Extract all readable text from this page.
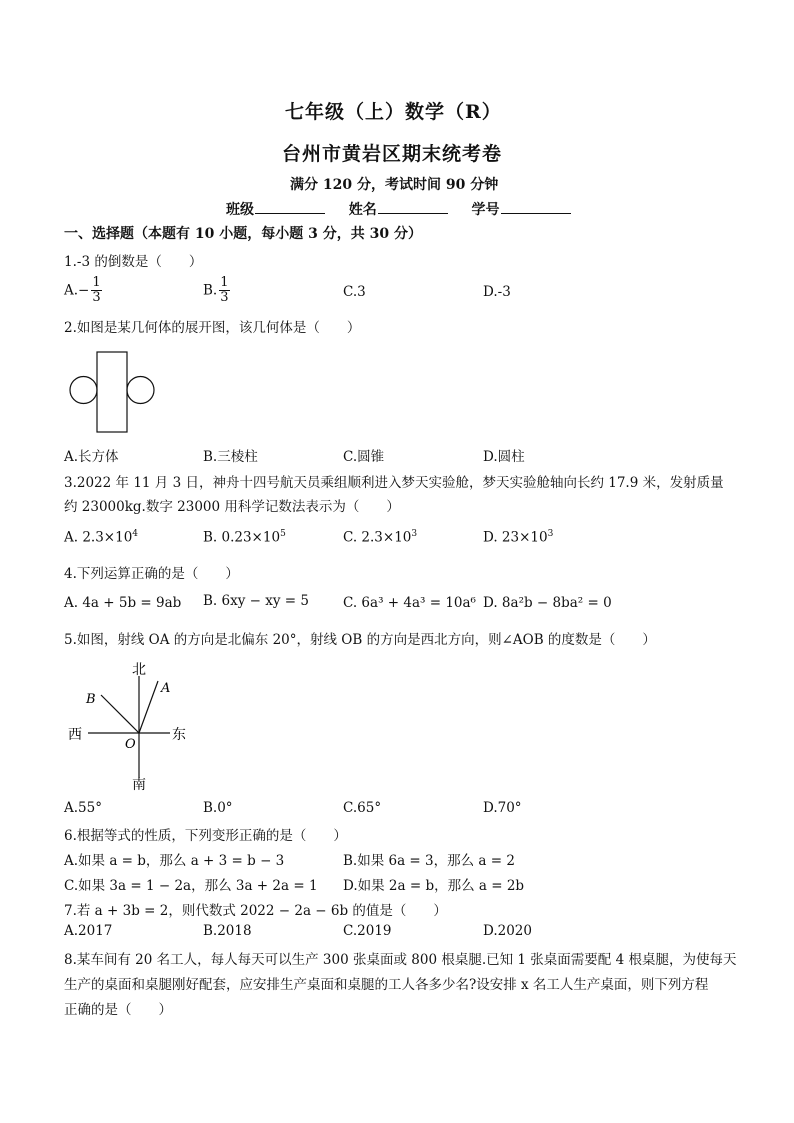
七年级（上）数学（R）
台州市黄岩区期末统考卷
满分 120 分，考试时间 90 分钟
班级	姓名	学号
一、选择题（本题有 10 小题，每小题 3 分，共 30 分）
1.-3 的倒数是（　　）
$A.- \frac{1}{3}$	B. $\frac{1}{3}$	C.3	D.-3
2.如图是某几何体的展开图，该几何体是（　　）
A.长方体	B.三棱柱	C.圆锥	D.圆柱
3.2022 年 11 月 3 日，神舟十四号航天员乘组顺利进入梦天实验舱，梦天实验舱轴向长约 17.9 米，发射质量
约 23000kg.数字 23000 用科学记数法表示为（　　）
A. $2.3\times 10^4$	B. $0.23\times 10^5$	C. $2.3\times 10^3$	D. $23\times 10^3$
4.下列运算正确的是（　　）
A. 4a + 5b = 9ab B. 6xy − xy = 5	C. 6a³ + 4a³ = 10a⁶ D. 8a²b − 8ba² = 0
5.如图，射线 OA 的方向是北偏东 20°，射线 OB 的方向是西北方向，则∠AOB 的度数是（　　）
北
南
西	东
A
B
O
A.55°	B.0°	C.65°	D.70°
6.根据等式的性质，下列变形正确的是（　　）
A.如果 a = b，那么 a + 3 = b − 3	B.如果 6a = 3，那么 a = 2
C.如果 3a = 1 − 2a，那么 3a + 2a = 1 D.如果 2a = b，那么 a = 2b
7.若 a + 3b = 2，则代数式 2022 − 2a − 6b 的值是（　　）
A.2017	B.2018	C.2019	D.2020
8.某车间有 20 名工人，每人每天可以生产 300 张桌面或 800 根桌腿.已知 1 张桌面需要配 4 根桌腿，为使每天
生产的桌面和桌腿刚好配套，应安排生产桌面和桌腿的工人各多少名?设安排 x 名工人生产桌面，则下列方程
正确的是（　　）
